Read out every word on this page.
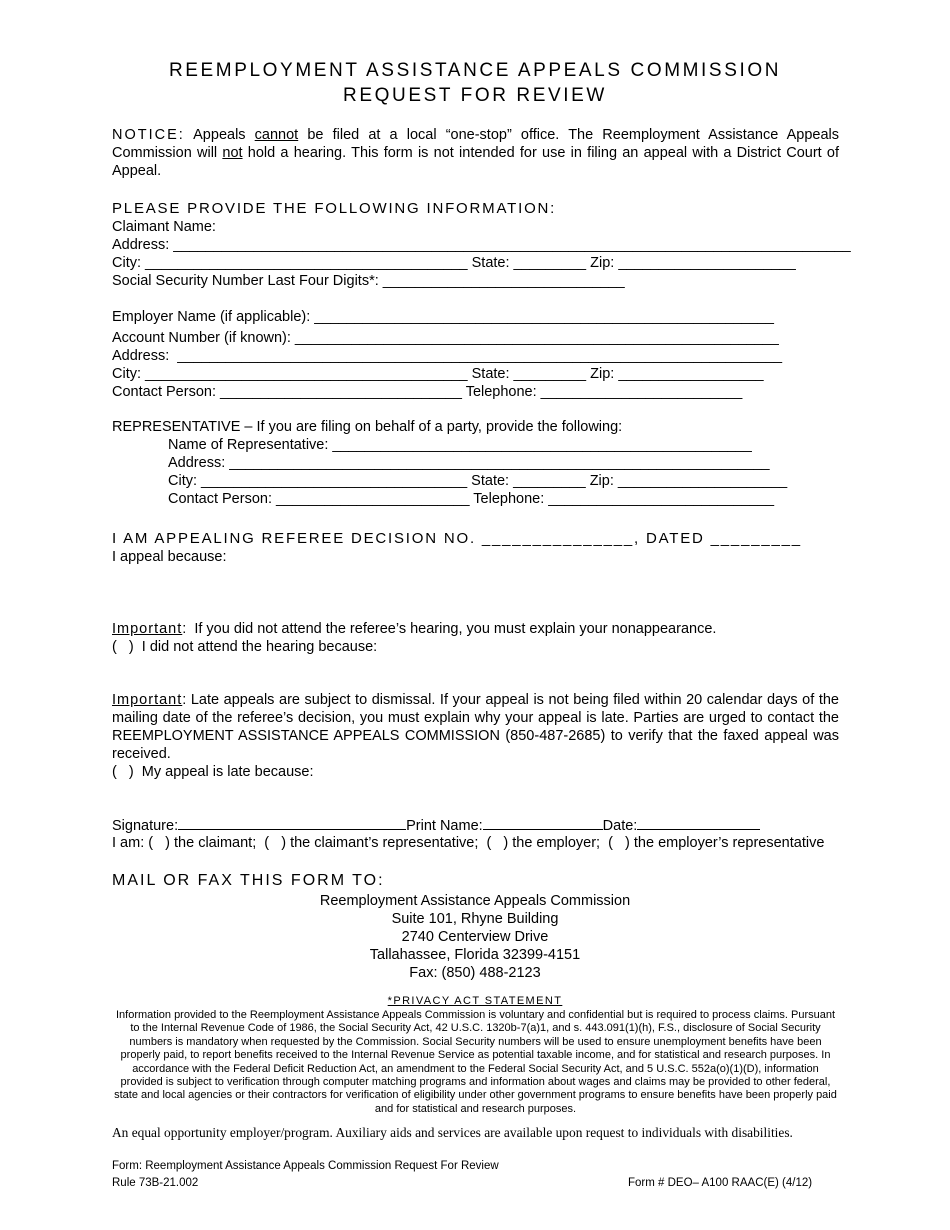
REEMPLOYMENT ASSISTANCE APPEALS COMMISSION
REQUEST FOR REVIEW
NOTICE: Appeals cannot be filed at a local “one-stop” office. The Reemployment Assistance Appeals Commission will not hold a hearing. This form is not intended for use in filing an appeal with a District Court of Appeal.
PLEASE PROVIDE THE FOLLOWING INFORMATION:
Claimant Name:
Address: ____________________________________________________________________________________
City: ________________________________________ State: _________ Zip: ______________________
Social Security Number Last Four Digits*: ______________________________
Employer Name (if applicable): _________________________________________________________
Account Number (if known): ____________________________________________________________
Address:  ___________________________________________________________________________
City: ________________________________________ State: _________ Zip: __________________
Contact Person: ______________________________ Telephone: _________________________
REPRESENTATIVE – If you are filing on behalf of a party, provide the following:
Name of Representative: ____________________________________________________
Address: ___________________________________________________________________
City: _________________________________ State: _________ Zip: _____________________
Contact Person: ________________________ Telephone: ____________________________
I AM APPEALING REFEREE DECISION NO. _______________, DATED _________
I appeal because:
Important:  If you did not attend the referee’s hearing, you must explain your nonappearance.
(   )  I did not attend the hearing because:
Important: Late appeals are subject to dismissal. If your appeal is not being filed within 20 calendar days of the mailing date of the referee’s decision, you must explain why your appeal is late. Parties are urged to contact the REEMPLOYMENT ASSISTANCE APPEALS COMMISSION (850-487-2685) to verify that the faxed appeal was received.
(   )  My appeal is late because:
Signature:	Print Name:	Date:
I am: (   ) the claimant;  (   ) the claimant’s representative;  (   ) the employer;  (   ) the employer’s representative
MAIL OR FAX THIS FORM TO:
Reemployment Assistance Appeals Commission
Suite 101, Rhyne Building
2740 Centerview Drive
Tallahassee, Florida 32399-4151
Fax: (850) 488-2123
*PRIVACY ACT STATEMENT
Information provided to the Reemployment Assistance Appeals Commission is voluntary and confidential but is required to process claims. Pursuant to the Internal Revenue Code of 1986, the Social Security Act, 42 U.S.C. 1320b-7(a)1, and s. 443.091(1)(h), F.S., disclosure of Social Security numbers is mandatory when requested by the Commission. Social Security numbers will be used to ensure unemployment benefits have been properly paid, to report benefits received to the Internal Revenue Service as potential taxable income, and for statistical and research purposes. In accordance with the Federal Deficit Reduction Act, an amendment to the Federal Social Security Act, and 5 U.S.C. 552a(o)(1)(D), information provided is subject to verification through computer matching programs and information about wages and claims may be provided to other federal, state and local agencies or their contractors for verification of eligibility under other government programs to ensure benefits have been properly paid and for statistical and research purposes.
An equal opportunity employer/program. Auxiliary aids and services are available upon request to individuals with disabilities.
Form: Reemployment Assistance Appeals Commission Request For Review
Rule 73B-21.002	Form # DEO– A100 RAAC(E) (4/12)
